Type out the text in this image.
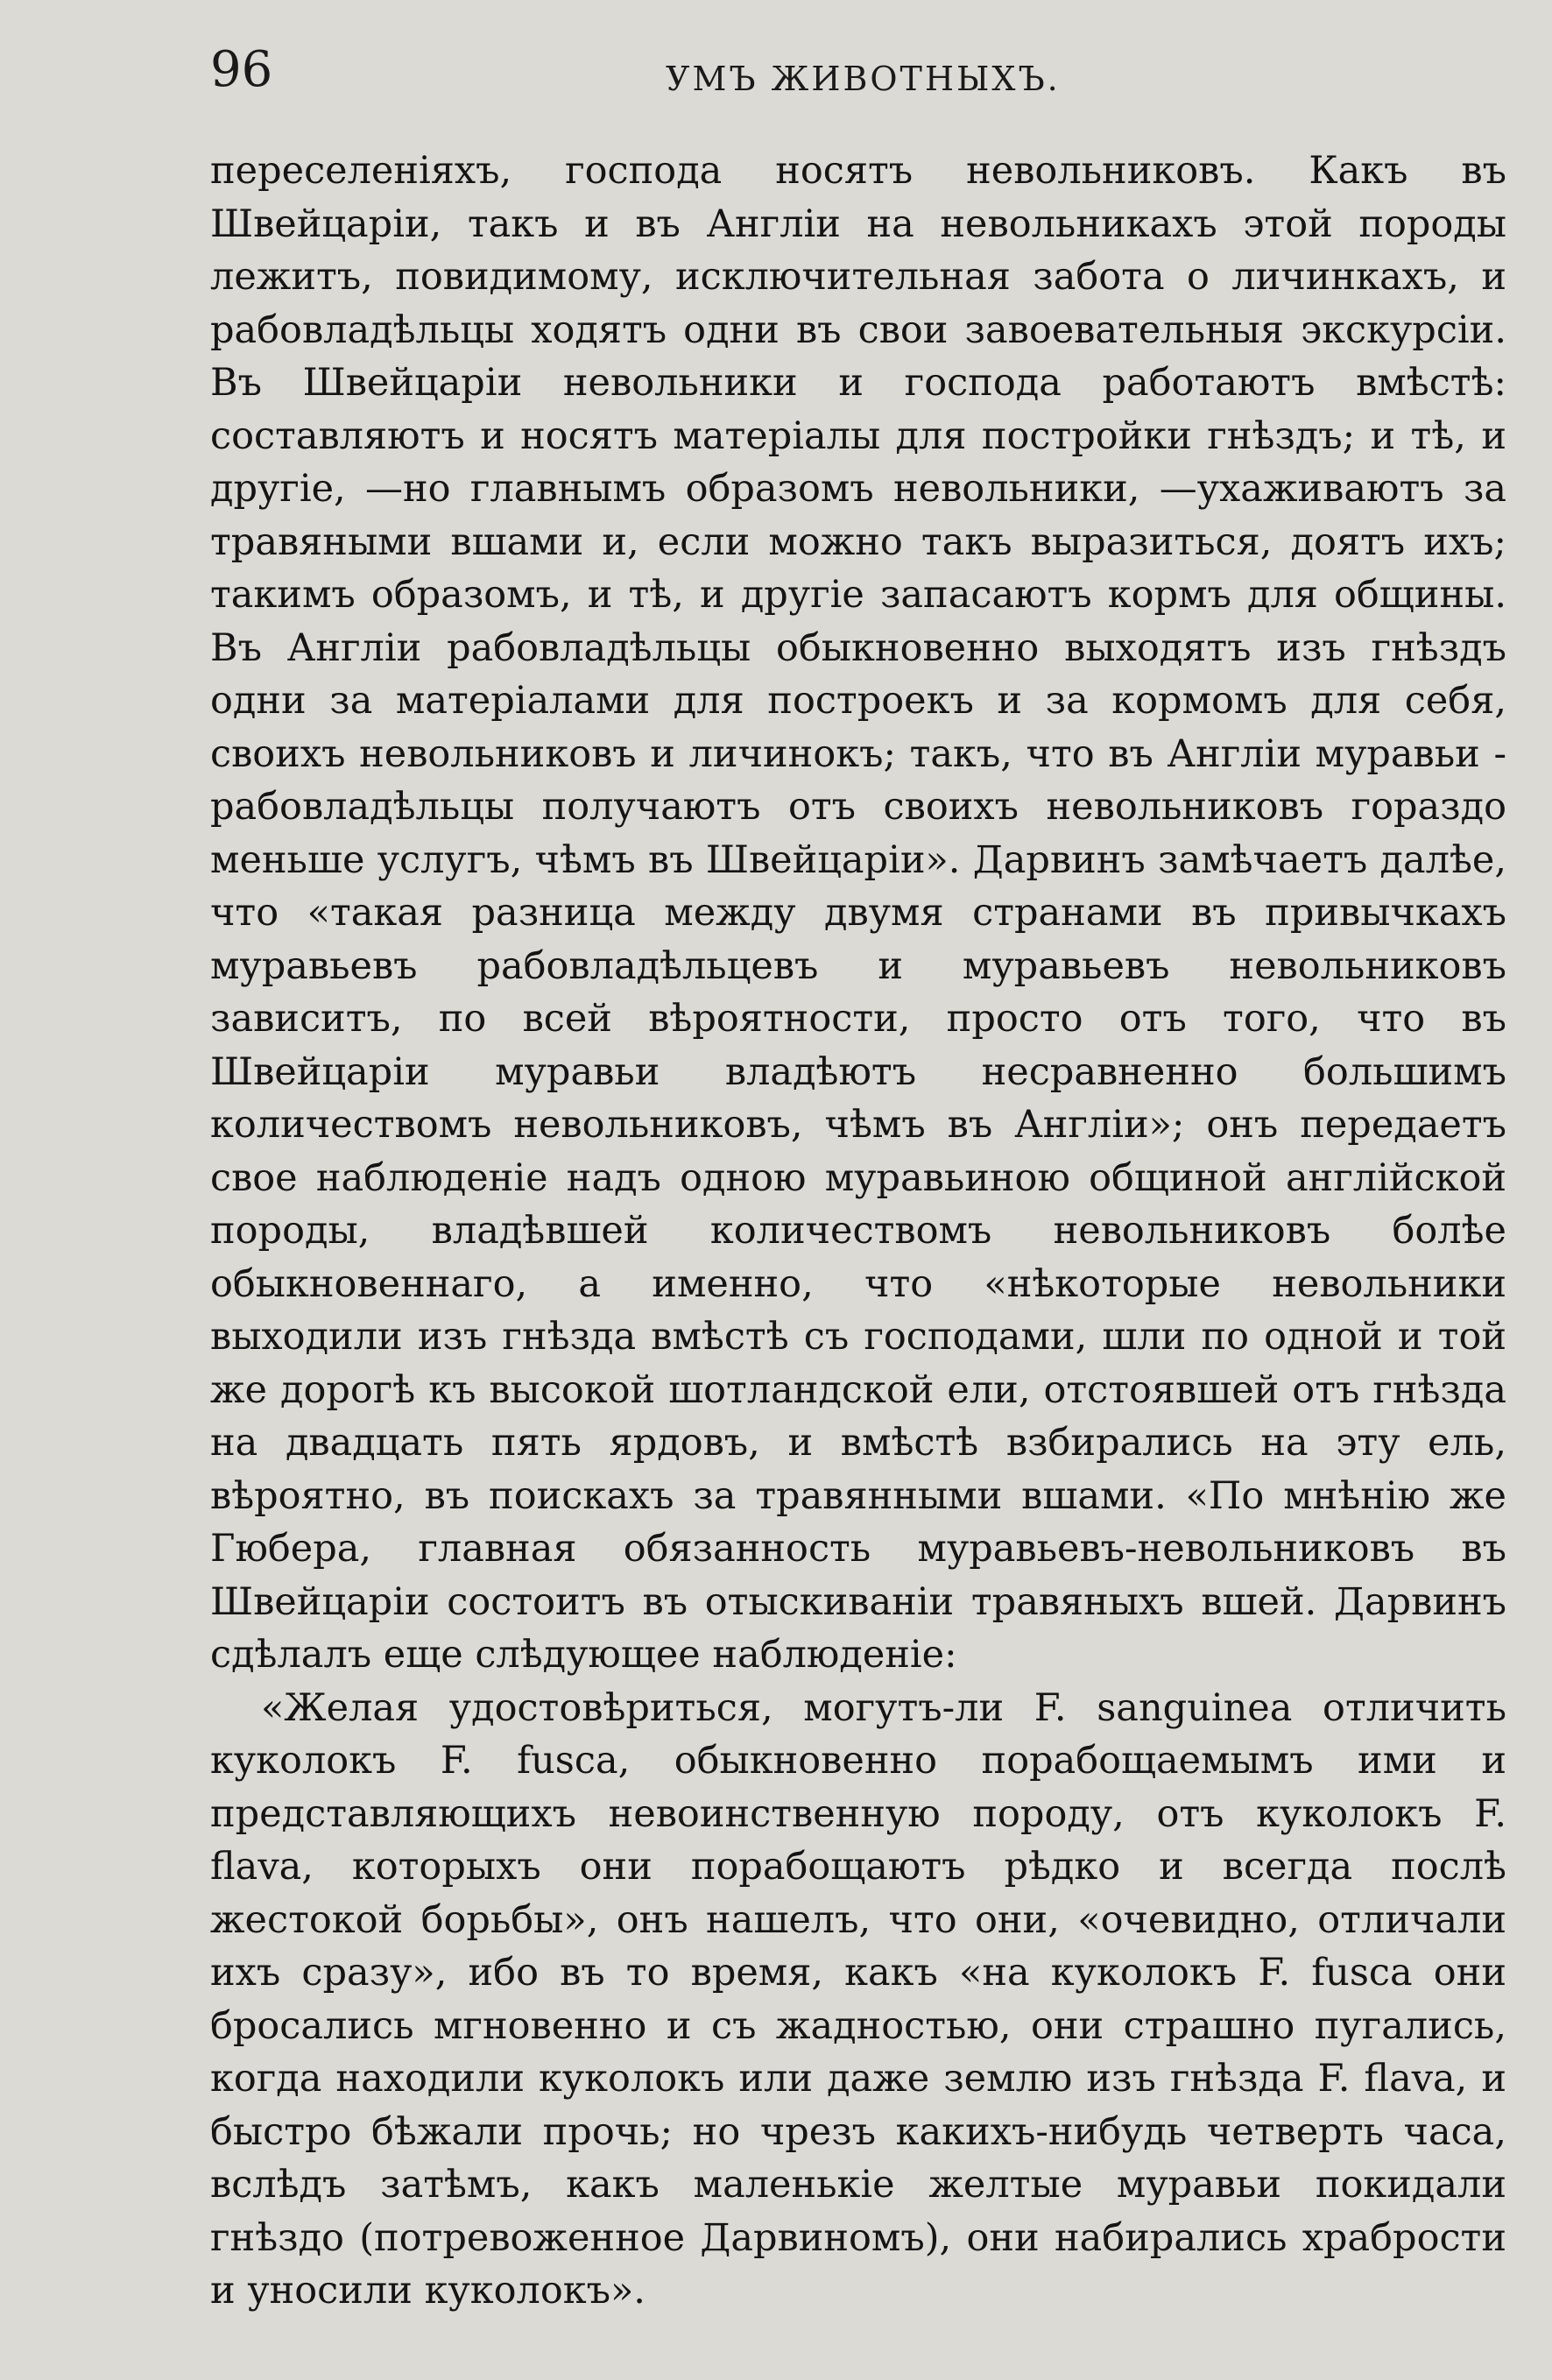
96	УМЪ ЖИВОТНЫХЪ.

переселеніяхъ, господа носятъ невольниковъ. Какъ въ Швейцаріи, такъ и въ Англіи на невольникахъ этой породы лежитъ, повидимому, исключительная забота о личинкахъ, и рабовладѣльцы ходятъ одни въ свои завоевательныя экскурсіи. Въ Швейцаріи невольники и господа работаютъ вмѣстѣ: составляютъ и носятъ матеріалы для постройки гнѣздъ; и тѣ, и другіе, —но главнымъ образомъ невольники, —ухаживаютъ за травяными вшами и, если можно такъ выразиться, доятъ ихъ; такимъ образомъ, и тѣ, и другіе запасаютъ кормъ для общины. Въ Англіи рабовладѣльцы обыкновенно выходятъ изъ гнѣздъ одни за матеріалами для построекъ и за кормомъ для себя, своихъ невольниковъ и личинокъ; такъ, что въ Англіи муравьи - рабовладѣльцы получаютъ отъ своихъ невольниковъ гораздо меньше услугъ, чѣмъ въ Швейцаріи». Дарвинъ замѣчаетъ далѣе, что «такая разница между двумя странами въ привычкахъ муравьевъ рабовладѣльцевъ и муравьевъ невольниковъ зависитъ, по всей вѣроятности, просто отъ того, что въ Швейцаріи муравьи владѣютъ несравненно большимъ количествомъ невольниковъ, чѣмъ въ Англіи»; онъ передаетъ свое наблюденіе надъ одною муравьиною общиной англійской породы, владѣвшей количествомъ невольниковъ болѣе обыкновеннаго, а именно, что «нѣкоторые невольники выходили изъ гнѣзда вмѣстѣ съ господами, шли по одной и той же дорогѣ къ высокой шотландской ели, отстоявшей отъ гнѣзда на двадцать пять ярдовъ, и вмѣстѣ взбирались на эту ель, вѣроятно, въ поискахъ за травянными вшами. «По мнѣнію же Гюбера, главная обязанность муравьевъ-невольниковъ въ Швейцаріи состоитъ въ отыскиваніи травяныхъ вшей. Дарвинъ сдѣлалъ еще слѣдующее наблюденіе:

«Желая удостовѣриться, могутъ-ли F. sanguinea отличить куколокъ F. fusca, обыкновенно порабощаемымъ ими и представляющихъ невоинственную породу, отъ куколокъ F. flava, которыхъ они порабощаютъ рѣдко и всегда послѣ жестокой борьбы», онъ нашелъ, что они, «очевидно, отличали ихъ сразу», ибо въ то время, какъ «на куколокъ F. fusca они бросались мгновенно и съ жадностью, они страшно пугались, когда находили куколокъ или даже землю изъ гнѣзда F. flava, и быстро бѣжали прочь; но чрезъ какихъ-нибудь четверть часа, вслѣдъ затѣмъ, какъ маленькіе желтые муравьи покидали гнѣздо (потревоженное Дарвиномъ), они набирались храбрости и уносили куколокъ».
